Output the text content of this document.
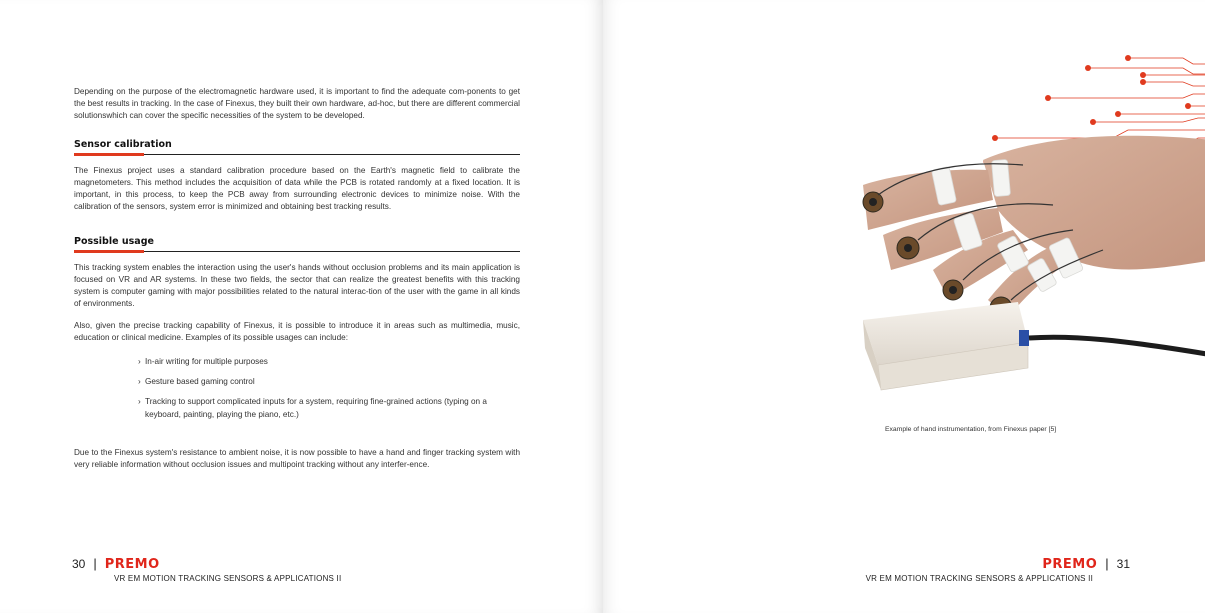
Depending on the purpose of the electromagnetic hardware used, it is important to find the adequate com-ponents to get the best results in tracking. In the case of Finexus, they built their own hardware, ad-hoc, but there are different commercial solutionswhich can cover the specific necessities of the system to be developed.

Sensor calibration

The Finexus project uses a standard calibration procedure based on the Earth's magnetic field to calibrate the magnetometers. This method includes the acquisition of data while the PCB is rotated randomly at a fixed location. It is important, in this process, to keep the PCB away from surrounding electronic devices to minimize noise. With the calibration of the sensors, system error is minimized and obtaining best tracking results.

Possible usage

This tracking system enables the interaction using the user's hands without occlusion problems and its main application is focused on VR and AR systems. In these two fields, the sector that can realize the greatest benefits with this tracking system is computer gaming with major possibilities related to the natural interac-tion of the user with the game in all kinds of environments.

Also, given the precise tracking capability of Finexus, it is possible to introduce it in areas such as multimedia, music, education or clinical medicine. Examples of its possible usages can include:

› In-air writing for multiple purposes
› Gesture based gaming control
› Tracking to support complicated inputs for a system, requiring fine-grained actions (typing on a keyboard, painting, playing the piano, etc.)

Due to the Finexus system's resistance to ambient noise, it is now possible to have a hand and finger tracking system with very reliable information without occlusion issues and multipoint tracking without any interfer-ence.

30 | PREMO
VR EM MOTION TRACKING SENSORS & APPLICATIONS II
Example of hand instrumentation, from Finexus paper [5]
PREMO | 31
VR EM MOTION TRACKING SENSORS & APPLICATIONS II
